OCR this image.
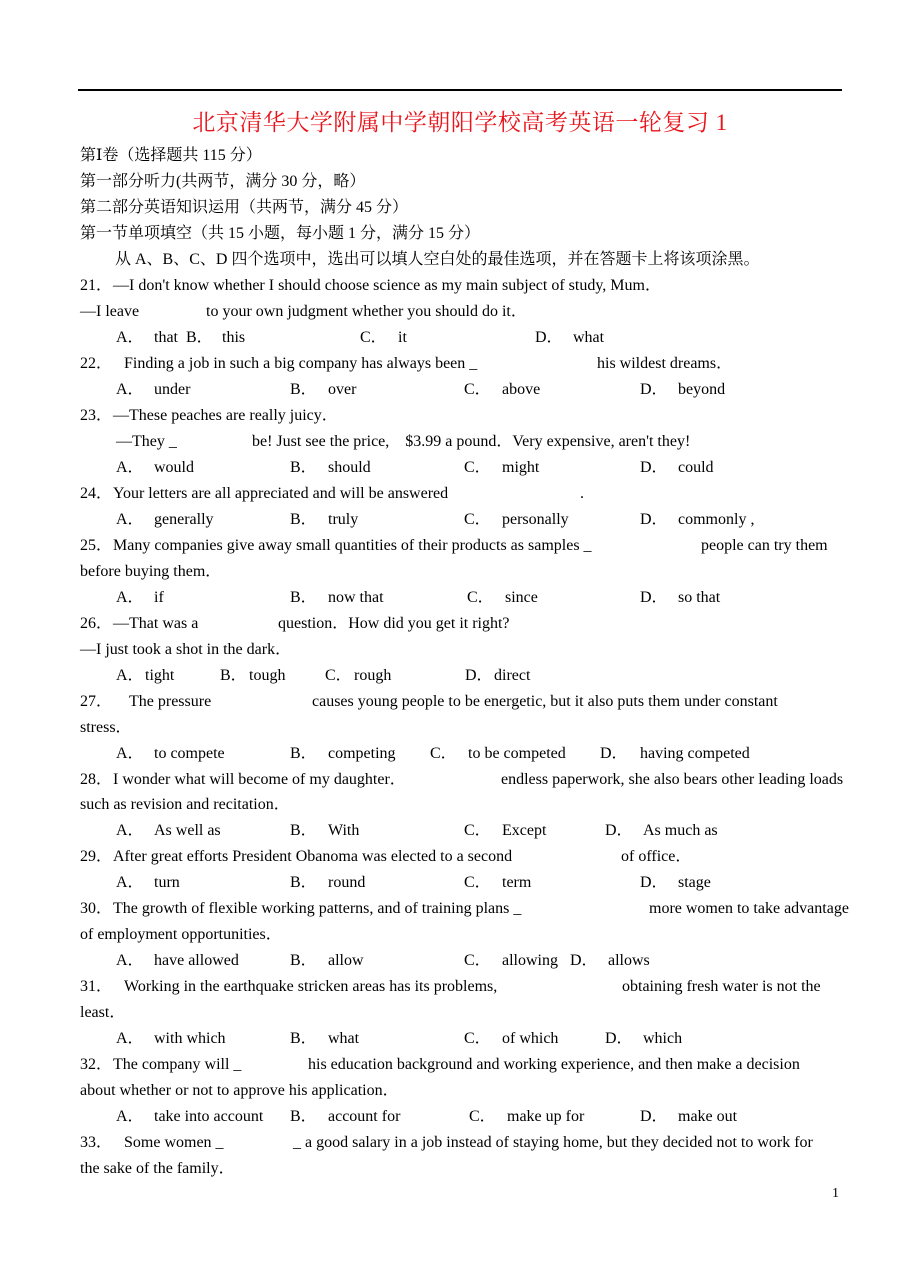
北京清华大学附属中学朝阳学校高考英语一轮复习 1
第Ⅰ卷（选择题共 115 分）
第一部分听力(共两节，满分 30 分，略）
第二部分英语知识运用（共两节，满分 45 分）
第一节单项填空（共 15 小题，每小题 1 分，满分 15 分）
从 A、B、C、D 四个选项中，选出可以填人空白处的最佳选项，并在答题卡上将该项涂黑。
21． —I don't know whether I should choose science as my main subject of study, Mum．
—I leave	to your own judgment whether you should do it．
A． that B． this	C． it	D． what
22． Finding a job in such a big company has always been _	his wildest dreams．
A． under	B． over	C． above	D． beyond
23． —These peaches are really juicy．
—They _	be! Just see the price,    $3.99 a pound．Very expensive, aren't they!
A． would	B． should	C． might	D． could
24． Your letters are all appreciated and will be answered	.
A． generally	B． truly	C． personally	D． commonly ,
25． Many companies give away small quantities of their products as samples _	people can try them
before buying them．
A． if	B． now that	C． since	D． so that
26． —That was a	question．How did you get it right?
—I just took a shot in the dark．
A． tight	B． tough C． rough	D． direct
27． The pressure	causes young people to be energetic, but it also puts them under constant
stress．
A． to compete	B． competing C． to be competed D． having competed
28． I wonder what will become of my daughter．	endless paperwork, she also bears other leading loads
such as revision and recitation．
A． As well as	B． With	C． Except	D． As much as
29． After great efforts President Obanoma was elected to a second	of office．
A． turn	B． round	C． term	D． stage
30． The growth of flexible working patterns, and of training plans _	more women to take advantage
of employment opportunities．
A． have allowed	B． allow	C． allowing D． allows
31． Working in the earthquake stricken areas has its problems,	obtaining fresh water is not the
least．
A． with which	B． what	C． of which	D． which
32． The company will _	his education background and working experience, and then make a decision
about whether or not to approve his application．
A． take into account B． account for	C． make up for	D． make out
33． Some women _	_ a good salary in a job instead of staying home, but they decided not to work for
the sake of the family．
1
